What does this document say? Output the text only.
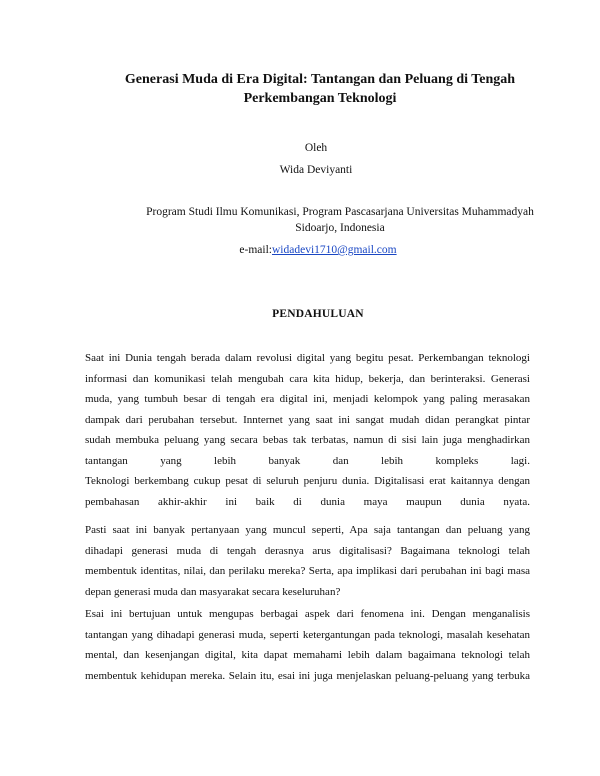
Generasi Muda di Era Digital: Tantangan dan Peluang di Tengah
Perkembangan Teknologi
Oleh
Wida Deviyanti
Program Studi Ilmu Komunikasi, Program Pascasarjana Universitas Muhammadyah
Sidoarjo, Indonesia
e-mail:widadevi1710@gmail.com
PENDAHULUAN
Saat ini Dunia tengah berada dalam revolusi digital yang begitu pesat. Perkembangan teknologi
informasi dan komunikasi telah mengubah cara kita hidup, bekerja, dan berinteraksi. Generasi
muda, yang tumbuh besar di tengah era digital ini, menjadi kelompok yang paling merasakan
dampak dari perubahan tersebut. Innternet yang saat ini sangat mudah didan perangkat pintar
sudah membuka peluang yang secara bebas tak terbatas, namun di sisi lain juga menghadirkan
tantangan yang lebih banyak dan lebih kompleks lagi.
Teknologi berkembang cukup pesat di seluruh penjuru dunia. Digitalisasi erat kaitannya dengan
pembahasan akhir-akhir ini baik di dunia maya maupun dunia nyata.
Pasti saat ini banyak pertanyaan yang muncul seperti, Apa saja tantangan dan peluang yang
dihadapi generasi muda di tengah derasnya arus digitalisasi? Bagaimana teknologi telah
membentuk identitas, nilai, dan perilaku mereka? Serta, apa implikasi dari perubahan ini bagi masa
depan generasi muda dan masyarakat secara keseluruhan?
Esai ini bertujuan untuk mengupas berbagai aspek dari fenomena ini. Dengan menganalisis
tantangan yang dihadapi generasi muda, seperti ketergantungan pada teknologi, masalah kesehatan
mental, dan kesenjangan digital, kita dapat memahami lebih dalam bagaimana teknologi telah
membentuk kehidupan mereka. Selain itu, esai ini juga menjelaskan peluang-peluang yang terbuka
